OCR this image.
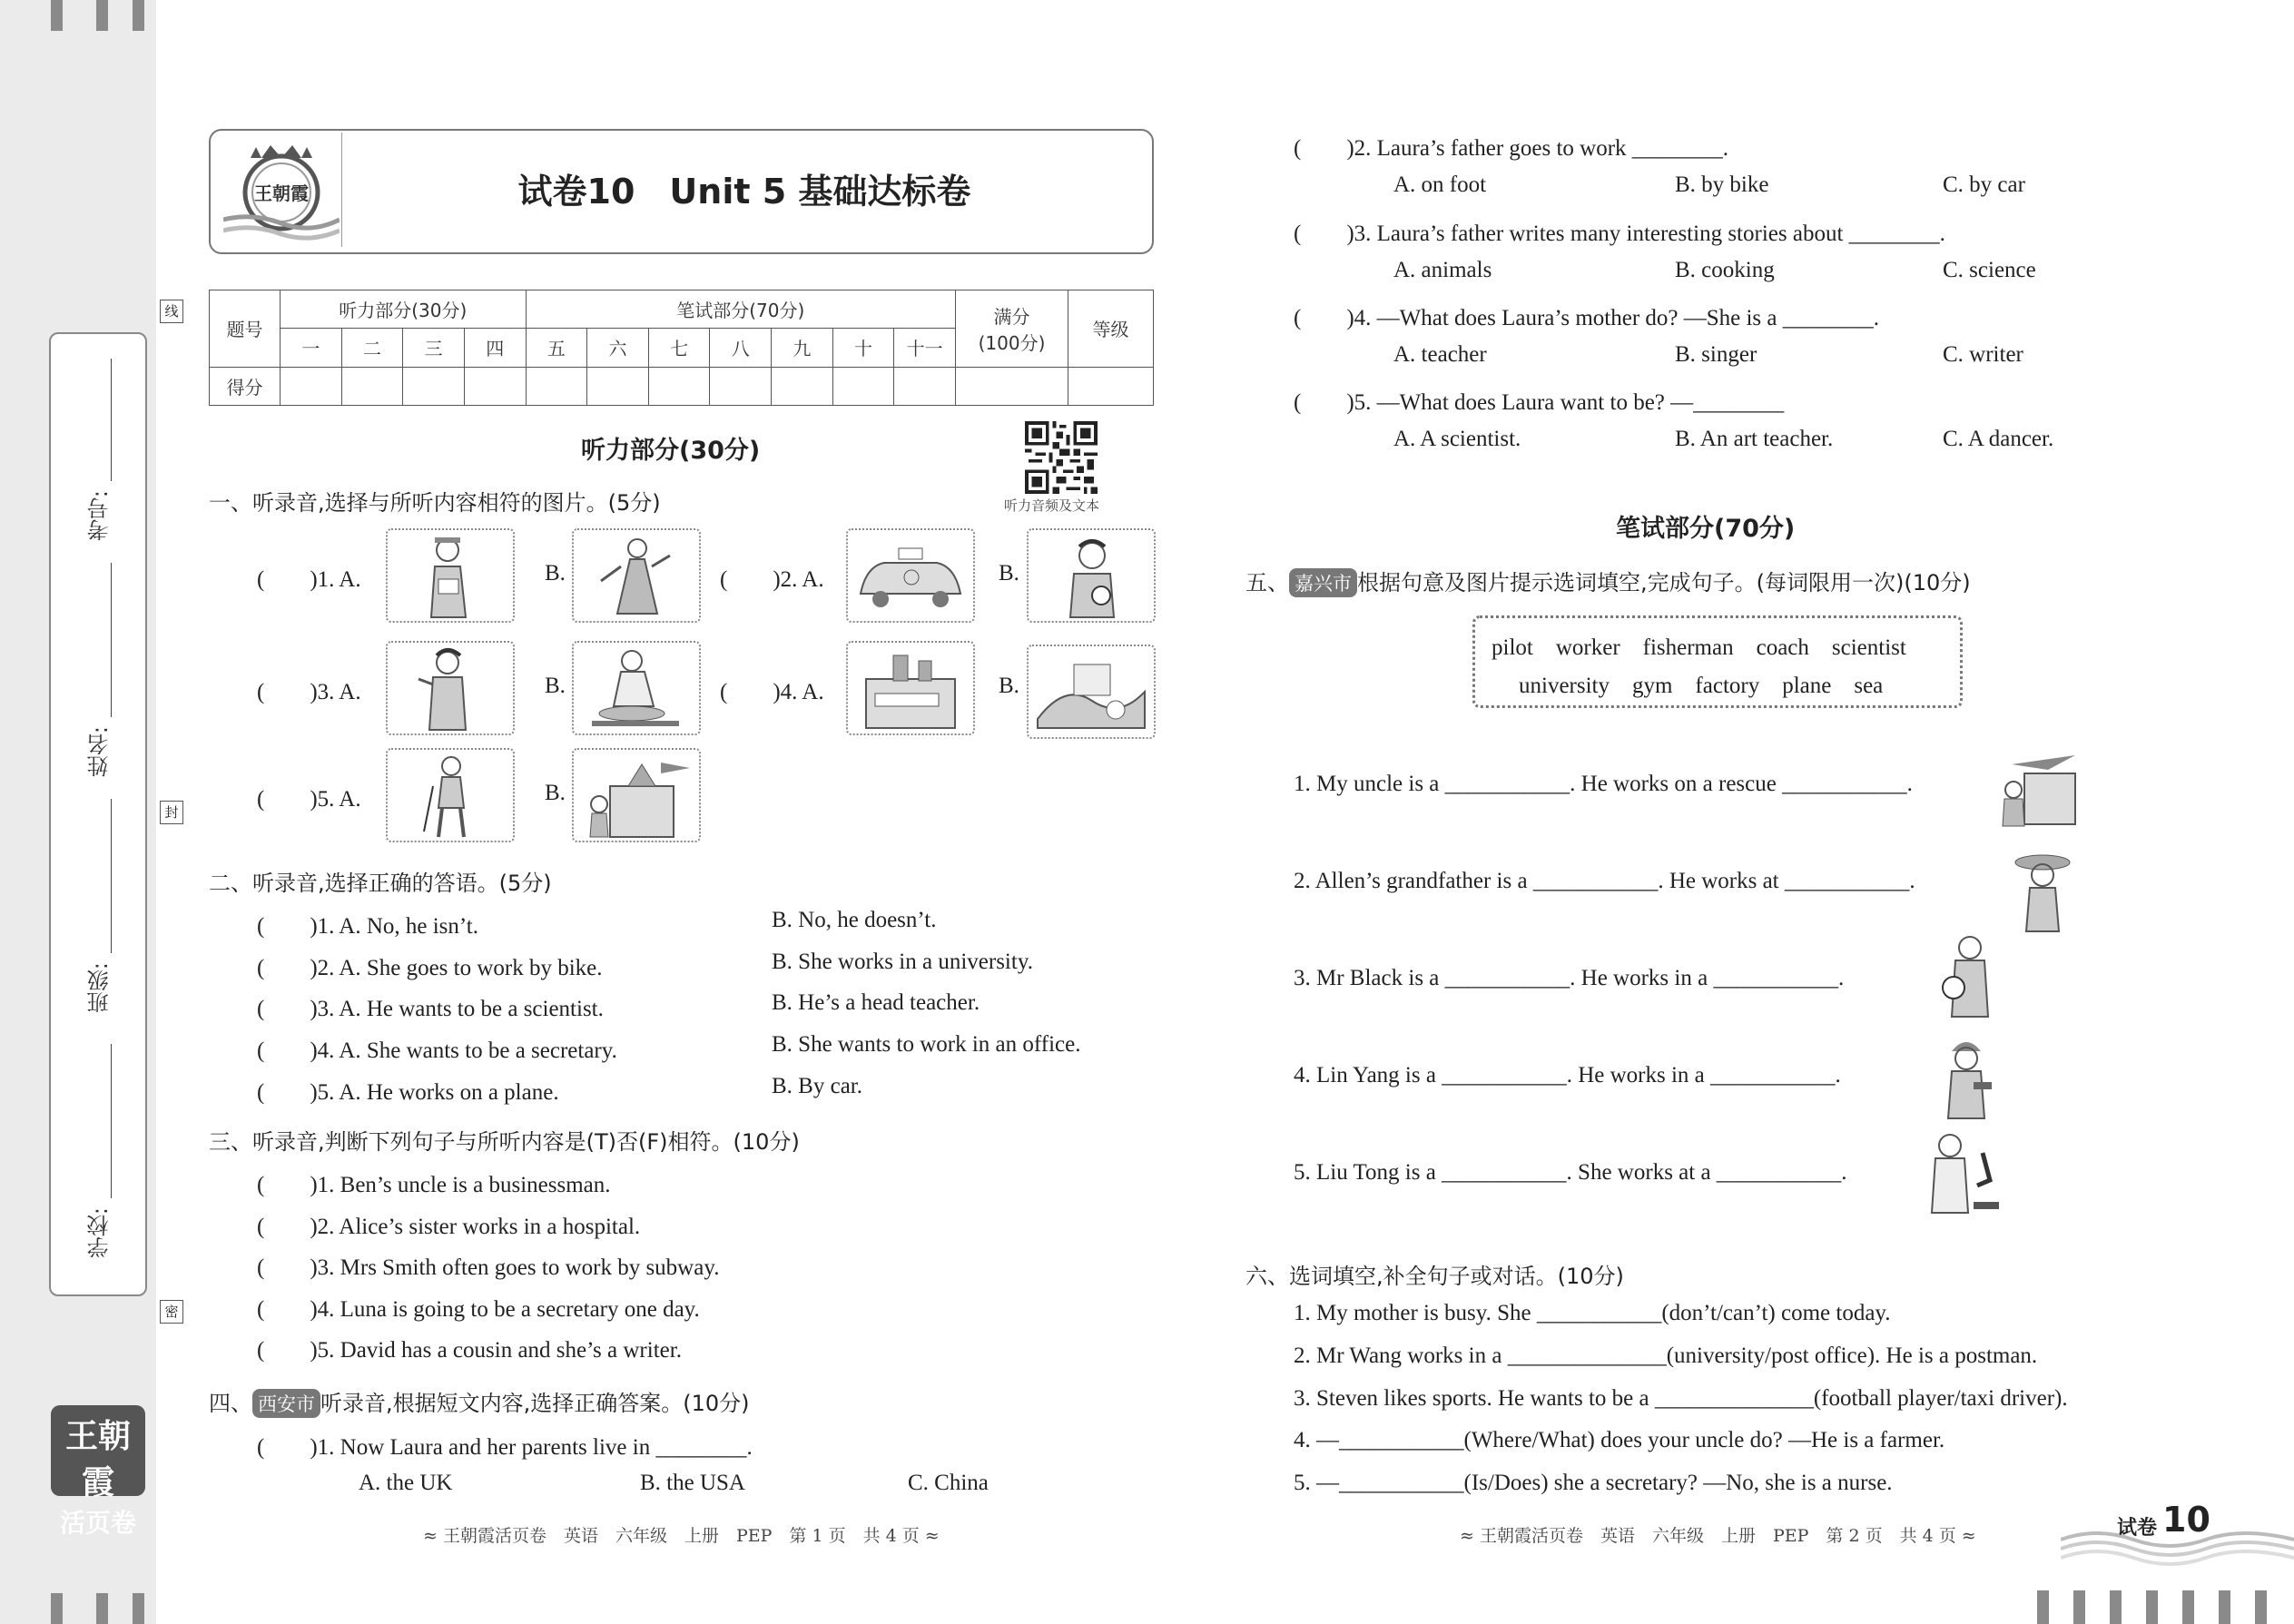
学校:
班级:
姓名:
考号:
线
封
密
王朝霞
活页卷
王朝霞	试卷10　Unit 5 基础达标卷
题号	听力部分(30分)				笔试部分(70分)							满分
(100分)	等级
	一	二	三	四	五	六	七	八	九	十	十一		
得分													
听力部分(30分)
听力音频及文本
一、听录音,选择与所听内容相符的图片。(5分)
(　　)1. A.	B.	(　　)2. A.	B.
(　　)3. A.	B.	(　　)4. A.	B.
(　　)5. A.	B.
二、听录音,选择正确的答语。(5分)
(　　)1. A. No, he isn’t.	B. No, he doesn’t.
(　　)2. A. She goes to work by bike.	B. She works in a university.
(　　)3. A. He wants to be a scientist.	B. He’s a head teacher.
(　　)4. A. She wants to be a secretary.	B. She wants to work in an office.
(　　)5. A. He works on a plane.	B. By car.
三、听录音,判断下列句子与所听内容是(T)否(F)相符。(10分)
(　　)1. Ben’s uncle is a businessman.
(　　)2. Alice’s sister works in a hospital.
(　　)3. Mrs Smith often goes to work by subway.
(　　)4. Luna is going to be a secretary one day.
(　　)5. David has a cousin and she’s a writer.
四、 西安市 听录音,根据短文内容,选择正确答案。(10分)
(　　)1. Now Laura and her parents live in ________.
A. the UK	B. the USA	C. China
≈ 王朝霞活页卷　英语　六年级　上册　PEP　第 1 页　共 4 页 ≈
(　　)2. Laura’s father goes to work ________.
A. on foot	B. by bike	C. by car
(　　)3. Laura’s father writes many interesting stories about ________.
A. animals	B. cooking	C. science
(　　)4. —What does Laura’s mother do? —She is a ________.
A. teacher	B. singer	C. writer
(　　)5. —What does Laura want to be? —________
A. A scientist.	B. An art teacher.	C. A dancer.
笔试部分(70分)
五、 嘉兴市 根据句意及图片提示选词填空,完成句子。(每词限用一次)(10分)
pilot　worker　fisherman　coach　scientist
university　gym　factory　plane　sea
1. My uncle is a ___________. He works on a rescue ___________.
2. Allen’s grandfather is a ___________. He works at ___________.
3. Mr Black is a ___________. He works in a ___________.
4. Lin Yang is a ___________. He works in a ___________.
5. Liu Tong is a ___________. She works at a ___________.
六、选词填空,补全句子或对话。(10分)
1. My mother is busy. She ___________(don’t/can’t) come today.
2. Mr Wang works in a ______________(university/post office). He is a postman.
3. Steven likes sports. He wants to be a ______________(football player/taxi driver).
4. —___________(Where/What) does your uncle do? —He is a farmer.
5. —___________(Is/Does) she a secretary? —No, she is a nurse.
≈ 王朝霞活页卷　英语　六年级　上册　PEP　第 2 页　共 4 页 ≈	试卷 10
